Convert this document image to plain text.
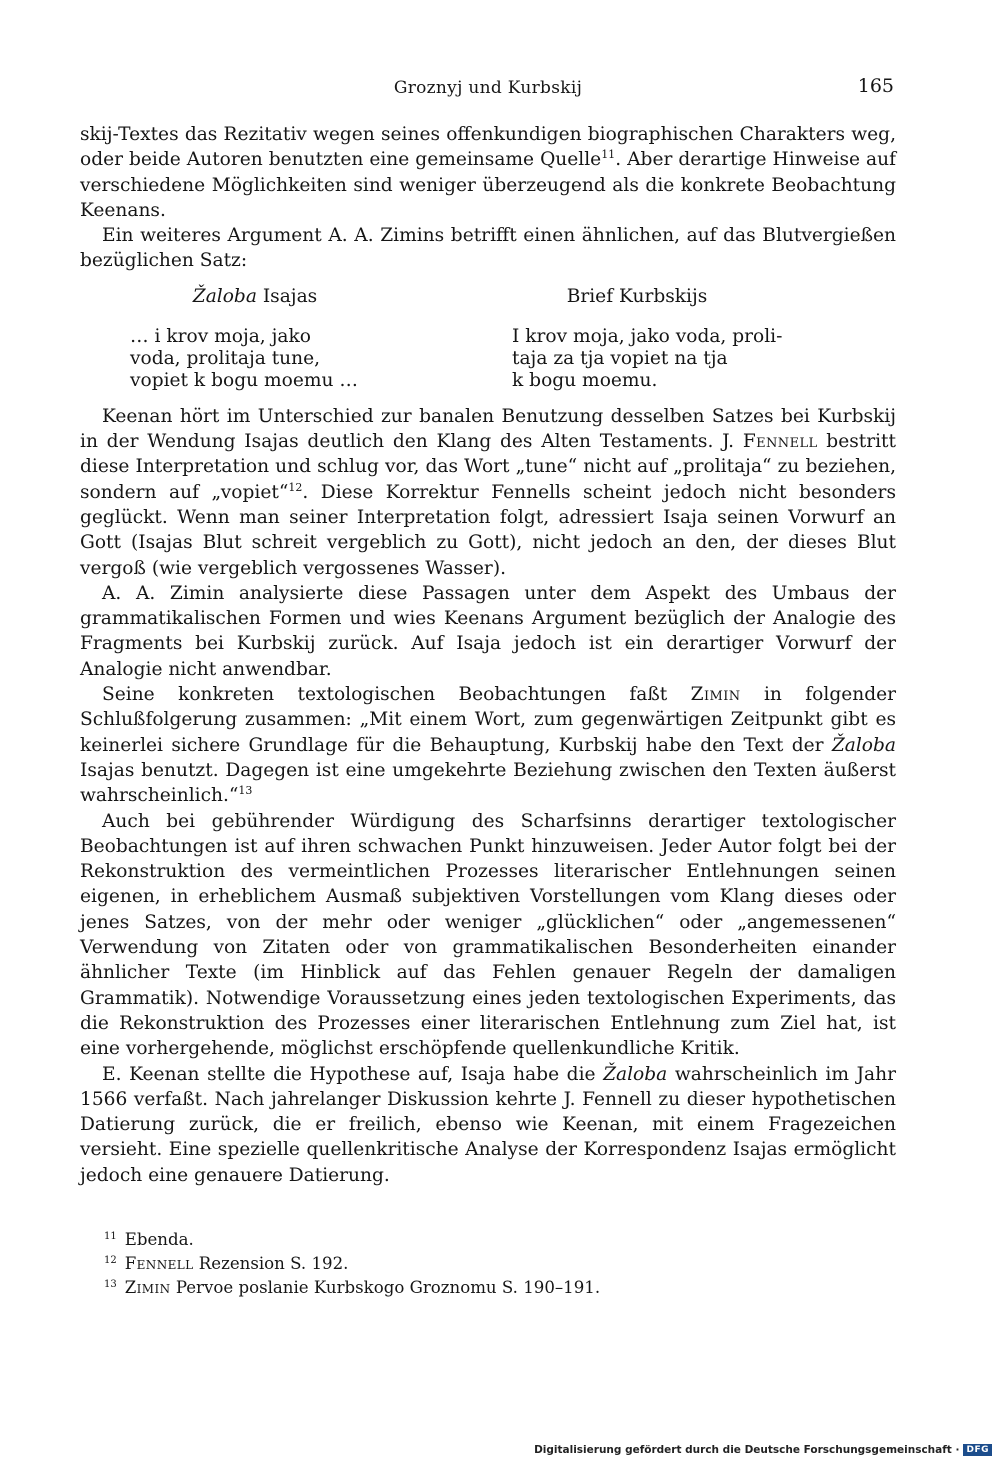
Groznyj und Kurbskij	165

skij-Textes das Rezitativ wegen seines offenkundigen biographischen Charakters weg, oder beide Autoren benutzten eine gemeinsame Quelle$^{11}$. Aber derartige Hinweise auf verschiedene Möglichkeiten sind weniger überzeugend als die konkrete Beobachtung Keenans.

Ein weiteres Argument A. A. Zimins betrifft einen ähnlichen, auf das Blutvergießen bezüglichen Satz:

Žaloba Isajas
… i krov moja, jako
voda, prolitaja tune,
vopiet k bogu moemu …
Brief Kurbskijs
I krov moja, jako voda, proli-
taja za tja vopiet na tja
k bogu moemu.

Keenan hört im Unterschied zur banalen Benutzung desselben Satzes bei Kurbskij in der Wendung Isajas deutlich den Klang des Alten Testaments. J. Fennell bestritt diese Interpretation und schlug vor, das Wort „tune“ nicht auf „prolitaja“ zu beziehen, sondern auf „vopiet“$^{12}$. Diese Korrektur Fennells scheint jedoch nicht besonders geglückt. Wenn man seiner Interpretation folgt, adressiert Isaja seinen Vorwurf an Gott (Isajas Blut schreit vergeblich zu Gott), nicht jedoch an den, der dieses Blut vergoß (wie vergeblich vergossenes Wasser).

A. A. Zimin analysierte diese Passagen unter dem Aspekt des Umbaus der grammatikalischen Formen und wies Keenans Argument bezüglich der Analogie des Fragments bei Kurbskij zurück. Auf Isaja jedoch ist ein derartiger Vorwurf der Analogie nicht anwendbar.

Seine konkreten textologischen Beobachtungen faßt Zimin in folgender Schlußfolgerung zusammen: „Mit einem Wort, zum gegenwärtigen Zeitpunkt gibt es keinerlei sichere Grundlage für die Behauptung, Kurbskij habe den Text der Žaloba Isajas benutzt. Dagegen ist eine umgekehrte Beziehung zwischen den Texten äußerst wahrscheinlich.“$^{13}$

Auch bei gebührender Würdigung des Scharfsinns derartiger textologischer Beobachtungen ist auf ihren schwachen Punkt hinzuweisen. Jeder Autor folgt bei der Rekonstruktion des vermeintlichen Prozesses literarischer Entlehnungen seinen eigenen, in erheblichem Ausmaß subjektiven Vorstellungen vom Klang dieses oder jenes Satzes, von der mehr oder weniger „glücklichen“ oder „angemessenen“ Verwendung von Zitaten oder von grammatikalischen Besonderheiten einander ähnlicher Texte (im Hinblick auf das Fehlen genauer Regeln der damaligen Grammatik). Notwendige Voraussetzung eines jeden textologischen Experiments, das die Rekonstruktion des Prozesses einer literarischen Entlehnung zum Ziel hat, ist eine vorhergehende, möglichst erschöpfende quellenkundliche Kritik.

E. Keenan stellte die Hypothese auf, Isaja habe die Žaloba wahrscheinlich im Jahr 1566 verfaßt. Nach jahrelanger Diskussion kehrte J. Fennell zu dieser hypothetischen Datierung zurück, die er freilich, ebenso wie Keenan, mit einem Fragezeichen versieht. Eine spezielle quellenkritische Analyse der Korrespondenz Isajas ermöglicht jedoch eine genauere Datierung.

$^{11}$ Ebenda.
$^{12}$ Fennell Rezension S. 192.
$^{13}$ Zimin Pervoe poslanie Kurbskogo Groznomu S. 190–191.
Digitalisierung gefördert durch die Deutsche Forschungsgemeinschaft · DFG
